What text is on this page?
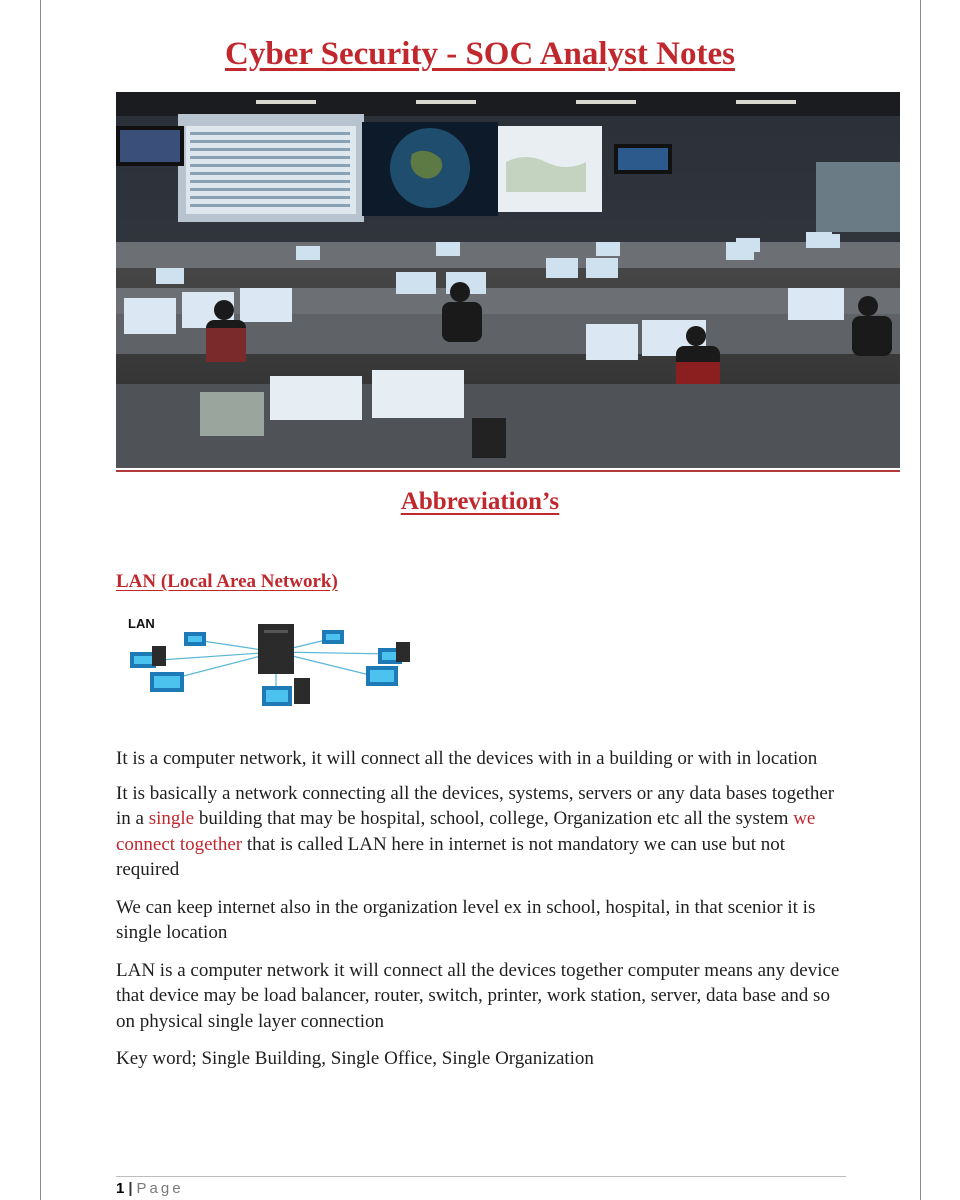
Cyber Security - SOC Analyst Notes
Abbreviation’s
LAN (Local Area Network)
LAN

It is a computer network, it will connect all the devices with in a building or with in location

It is basically a network connecting all the devices, systems, servers or any data bases together in a single building that may be hospital, school, college, Organization etc all the system we connect together that is called LAN here in internet is not mandatory we can use but not required

We can keep internet also in the organization level ex in school, hospital, in that scenior it is single location

LAN is a computer network it will connect all the devices together computer means any device that device may be load balancer, router, switch, printer, work station, server, data base and so on physical single layer connection

Key word; Single Building, Single Office, Single Organization

1 | Page
